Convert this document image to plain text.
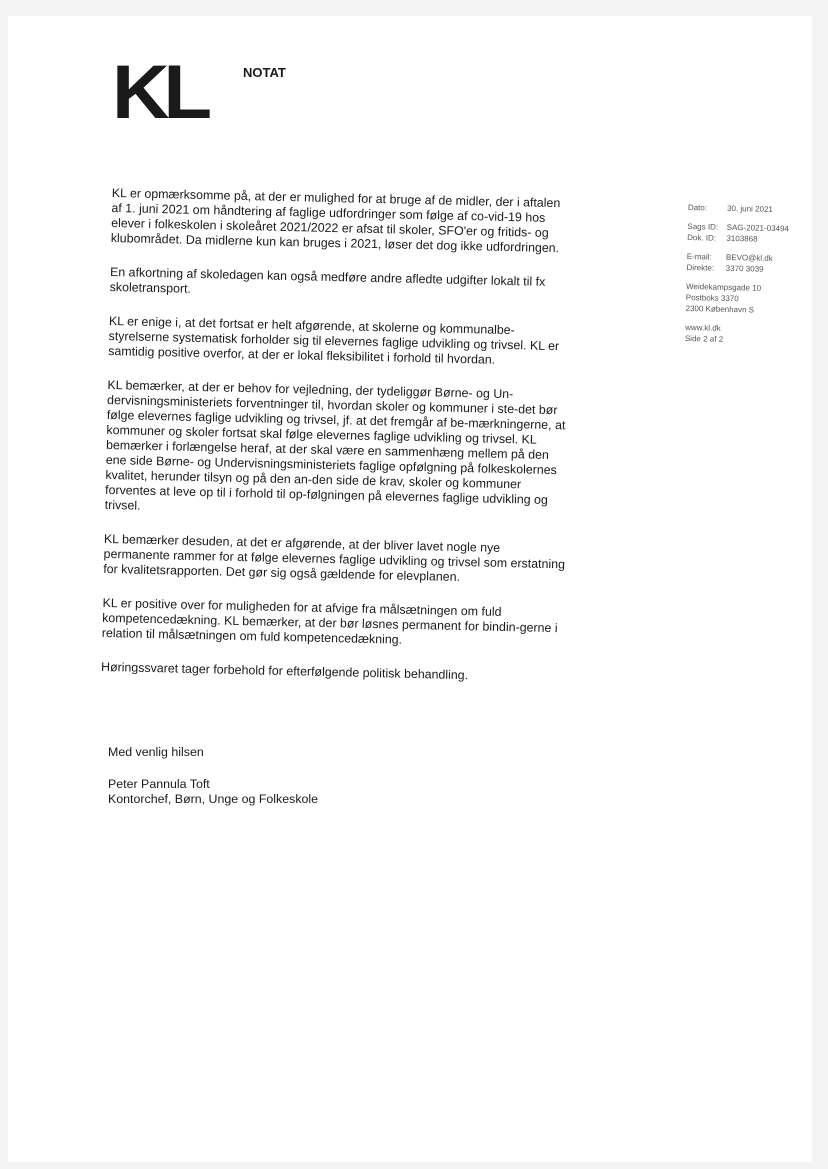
KL	NOTAT
Dato: 30. juni 2021
Sags ID: SAG-2021-03494
Dok. ID: 3103868
E-mail: BEVO@kl.dk
Direkte: 3370 3039
Weidekampsgade 10
Postboks 3370
2300 København S
www.kl.dk
Side 2 af 2

KL er opmærksomme på, at der er mulighed for at bruge af de midler, der i aftalen af 1. juni 2021 om håndtering af faglige udfordringer som følge af co-vid-19 hos elever i folkeskolen i skoleåret 2021/2022 er afsat til skoler, SFO'er og fritids- og klubområdet. Da midlerne kun kan bruges i 2021, løser det dog ikke udfordringen.

En afkortning af skoledagen kan også medføre andre afledte udgifter lokalt til fx skoletransport.

KL er enige i, at det fortsat er helt afgørende, at skolerne og kommunalbe-styrelserne systematisk forholder sig til elevernes faglige udvikling og trivsel. KL er samtidig positive overfor, at der er lokal fleksibilitet i forhold til hvordan.

KL bemærker, at der er behov for vejledning, der tydeliggør Børne- og Un-dervisningsministeriets forventninger til, hvordan skoler og kommuner i ste-det bør følge elevernes faglige udvikling og trivsel, jf. at det fremgår af be-mærkningerne, at kommuner og skoler fortsat skal følge elevernes faglige udvikling og trivsel. KL bemærker i forlængelse heraf, at der skal være en sammenhæng mellem på den ene side Børne- og Undervisningsministeriets faglige opfølgning på folkeskolernes kvalitet, herunder tilsyn og på den an-den side de krav, skoler og kommuner forventes at leve op til i forhold til op-følgningen på elevernes faglige udvikling og trivsel.

KL bemærker desuden, at det er afgørende, at der bliver lavet nogle nye permanente rammer for at følge elevernes faglige udvikling og trivsel som erstatning for kvalitetsrapporten. Det gør sig også gældende for elevplanen.

KL er positive over for muligheden for at afvige fra målsætningen om fuld kompetencedækning. KL bemærker, at der bør løsnes permanent for bindin-gerne i relation til målsætningen om fuld kompetencedækning.

Høringssvaret tager forbehold for efterfølgende politisk behandling.

Med venlig hilsen
Peter Pannula Toft
Kontorchef, Børn, Unge og Folkeskole
